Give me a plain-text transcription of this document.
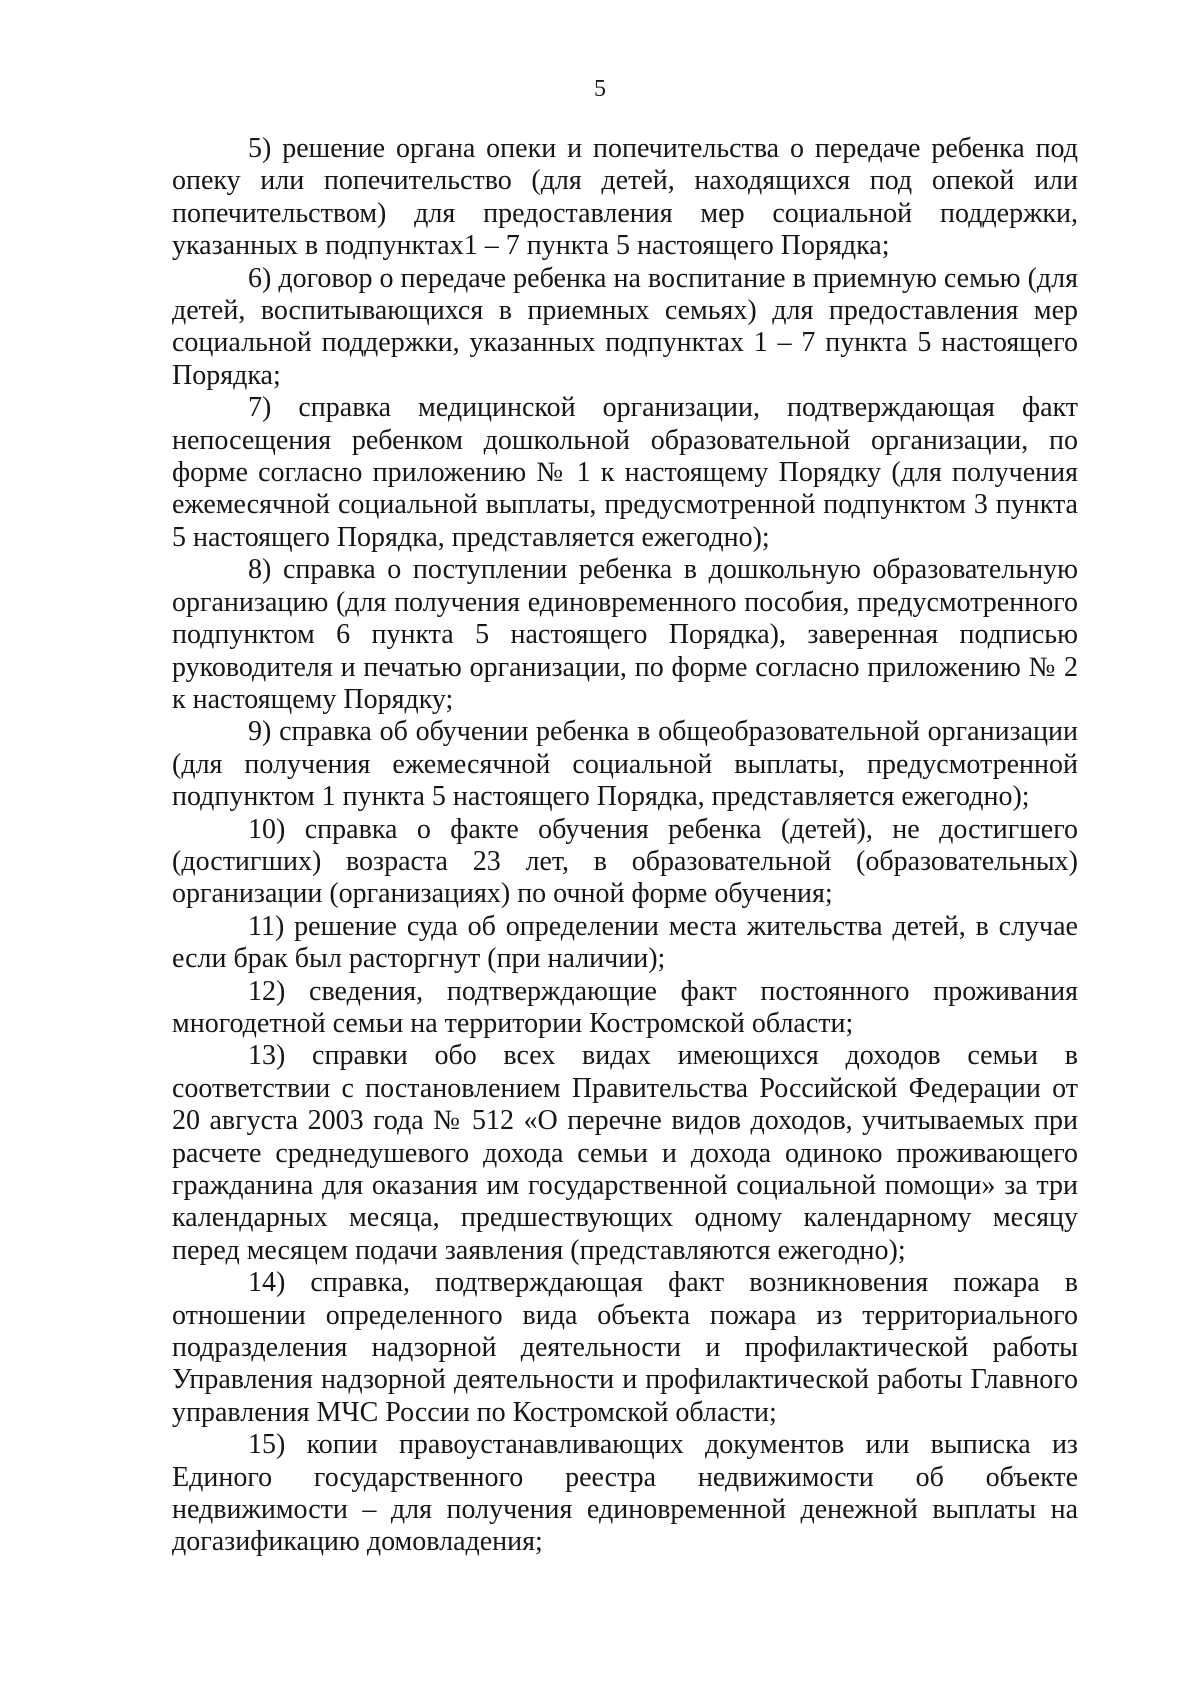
5

5) решение органа опеки и попечительства о передаче ребенка под опеку или попечительство (для детей, находящихся под опекой или попечительством) для предоставления мер социальной поддержки, указанных в подпунктах1 – 7 пункта 5 настоящего Порядка;

6) договор о передаче ребенка на воспитание в приемную семью (для детей, воспитывающихся в приемных семьях) для предоставления мер социальной поддержки, указанных подпунктах 1 – 7 пункта 5 настоящего Порядка;

7) справка медицинской организации, подтверждающая факт непосещения ребенком дошкольной образовательной организации, по форме согласно приложению № 1 к настоящему Порядку (для получения ежемесячной социальной выплаты, предусмотренной подпунктом 3 пункта 5 настоящего Порядка, представляется ежегодно);

8) справка о поступлении ребенка в дошкольную образовательную организацию (для получения единовременного пособия, предусмотренного подпунктом 6 пункта 5 настоящего Порядка), заверенная подписью руководителя и печатью организации, по форме согласно приложению № 2 к настоящему Порядку;

9) справка об обучении ребенка в общеобразовательной организации (для получения ежемесячной социальной выплаты, предусмотренной подпунктом 1 пункта 5 настоящего Порядка, представляется ежегодно);

10) справка о факте обучения ребенка (детей), не достигшего (достигших) возраста 23 лет, в образовательной (образовательных) организации (организациях) по очной форме обучения;

11) решение суда об определении места жительства детей, в случае если брак был расторгнут (при наличии);

12) сведения, подтверждающие факт постоянного проживания многодетной семьи на территории Костромской области;

13) справки обо всех видах имеющихся доходов семьи в соответствии с постановлением Правительства Российской Федерации от 20 августа 2003 года № 512 «О перечне видов доходов, учитываемых при расчете среднедушевого дохода семьи и дохода одиноко проживающего гражданина для оказания им государственной социальной помощи» за три календарных месяца, предшествующих одному календарному месяцу перед месяцем подачи заявления (представляются ежегодно);

14) справка, подтверждающая факт возникновения пожара в отношении определенного вида объекта пожара из территориального подразделения надзорной деятельности и профилактической работы Управления надзорной деятельности и профилактической работы Главного управления МЧС России по Костромской области;

15) копии правоустанавливающих документов или выписка из Единого государственного реестра недвижимости об объекте недвижимости – для получения единовременной денежной выплаты на догазификацию домовладения;
